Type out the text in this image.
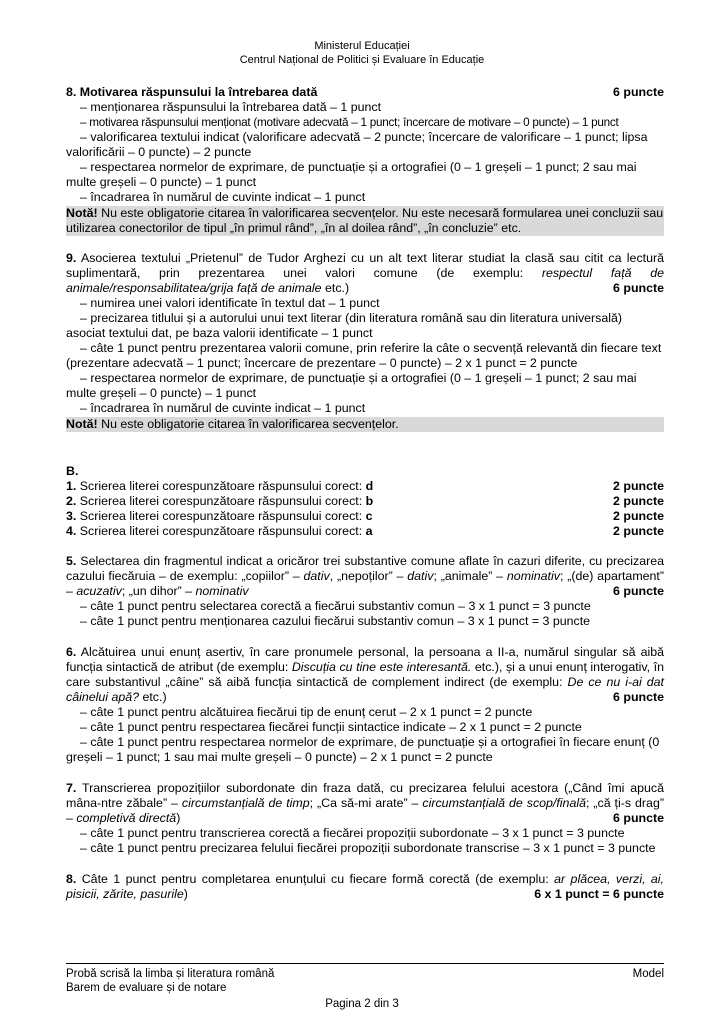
Ministerul Educației
Centrul Național de Politici și Evaluare în Educație
8. Motivarea răspunsului la întrebarea dată	6 puncte

– menționarea răspunsului la întrebarea dată – 1 punct

– motivarea răspunsului menționat (motivare adecvată – 1 punct; încercare de motivare – 0 puncte) – 1 punct

– valorificarea textului indicat (valorificare adecvată – 2 puncte; încercare de valorificare – 1 punct; lipsa valorificării – 0 puncte) – 2 puncte

– respectarea normelor de exprimare, de punctuație și a ortografiei (0 – 1 greșeli – 1 punct; 2 sau mai multe greșeli – 0 puncte) – 1 punct

– încadrarea în numărul de cuvinte indicat – 1 punct

Notă! Nu este obligatorie citarea în valorificarea secvențelor. Nu este necesară formularea unei concluzii sau utilizarea conectorilor de tipul „în primul rând”, „în al doilea rând”, „în concluzie” etc.

9. Asocierea textului „Prietenul” de Tudor Arghezi cu un alt text literar studiat la clasă sau citit ca lectură suplimentară, prin prezentarea unei valori comune (de exemplu: respectul față de animale/responsabilitatea/grija față de animale etc.)	6 puncte

– numirea unei valori identificate în textul dat – 1 punct

– precizarea titlului și a autorului unui text literar (din literatura română sau din literatura universală) asociat textului dat, pe baza valorii identificate – 1 punct

– câte 1 punct pentru prezentarea valorii comune, prin referire la câte o secvență relevantă din fiecare text (prezentare adecvată – 1 punct; încercare de prezentare – 0 puncte) – 2 x 1 punct = 2 puncte

– respectarea normelor de exprimare, de punctuație și a ortografiei (0 – 1 greșeli – 1 punct; 2 sau mai multe greșeli – 0 puncte) – 1 punct

– încadrarea în numărul de cuvinte indicat – 1 punct

Notă! Nu este obligatorie citarea în valorificarea secvențelor.

B.

1. Scrierea literei corespunzătoare răspunsului corect: d	2 puncte
2. Scrierea literei corespunzătoare răspunsului corect: b	2 puncte
3. Scrierea literei corespunzătoare răspunsului corect: c	2 puncte
4. Scrierea literei corespunzătoare răspunsului corect: a	2 puncte

5. Selectarea din fragmentul indicat a oricăror trei substantive comune aflate în cazuri diferite, cu precizarea cazului fiecăruia – de exemplu: „copiilor” – dativ, „nepoților” – dativ; „animale” – nominativ; „(de) apartament” – acuzativ; „un dihor” – nominativ	6 puncte

– câte 1 punct pentru selectarea corectă a fiecărui substantiv comun – 3 x 1 punct = 3 puncte

– câte 1 punct pentru menționarea cazului fiecărui substantiv comun – 3 x 1 punct = 3 puncte

6. Alcătuirea unui enunț asertiv, în care pronumele personal, la persoana a II-a, numărul singular să aibă funcția sintactică de atribut (de exemplu: Discuția cu tine este interesantă. etc.), și a unui enunț interogativ, în care substantivul „câine” să aibă funcția sintactică de complement indirect (de exemplu: De ce nu i-ai dat câinelui apă? etc.)	6 puncte

– câte 1 punct pentru alcătuirea fiecărui tip de enunț cerut – 2 x 1 punct = 2 puncte

– câte 1 punct pentru respectarea fiecărei funcții sintactice indicate – 2 x 1 punct = 2 puncte

– câte 1 punct pentru respectarea normelor de exprimare, de punctuație și a ortografiei în fiecare enunț (0 greșeli – 1 punct; 1 sau mai multe greșeli – 0 puncte) – 2 x 1 punct = 2 puncte

7. Transcrierea propozițiilor subordonate din fraza dată, cu precizarea felului acestora („Când îmi apucă mâna-ntre zăbale” – circumstanțială de timp; „Ca să-mi arate” – circumstanțială de scop/finală; „că ți-s drag” – completivă directă)	6 puncte

– câte 1 punct pentru transcrierea corectă a fiecărei propoziții subordonate – 3 x 1 punct = 3 puncte

– câte 1 punct pentru precizarea felului fiecărei propoziții subordonate transcrise – 3 x 1 punct = 3 puncte

8. Câte 1 punct pentru completarea enunțului cu fiecare formă corectă (de exemplu: ar plăcea, verzi, ai, pisicii, zărite, pasurile)	6 x 1 punct = 6 puncte

Probă scrisă la limba și literatura română	Model
Barem de evaluare și de notare
Pagina 2 din 3
